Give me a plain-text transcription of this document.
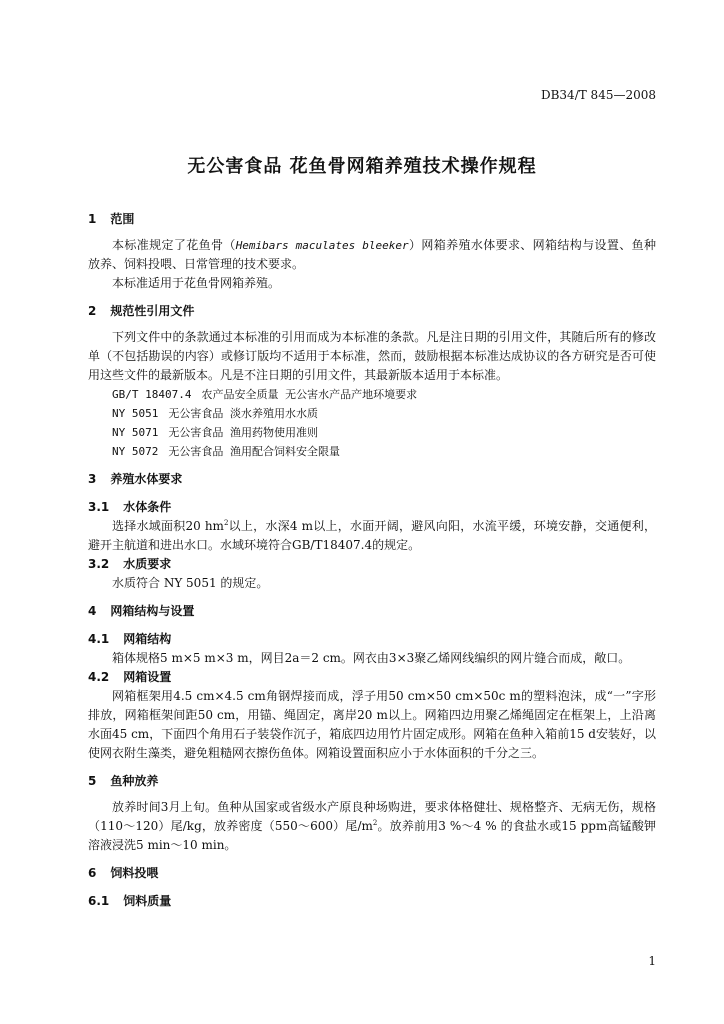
DB34/T 845—2008
无公害食品 花鱼骨网箱养殖技术操作规程
1 范围

本标准规定了花鱼骨（Hemibars maculates bleeker）网箱养殖水体要求、网箱结构与设置、鱼种放养、饲料投喂、日常管理的技术要求。

本标准适用于花鱼骨网箱养殖。

2 规范性引用文件

下列文件中的条款通过本标准的引用而成为本标准的条款。凡是注日期的引用文件，其随后所有的修改单（不包括勘误的内容）或修订版均不适用于本标准，然而，鼓励根据本标准达成协议的各方研究是否可使用这些文件的最新版本。凡是不注日期的引用文件，其最新版本适用于本标准。

GB/T 18407.4 农产品安全质量 无公害水产品产地环境要求

NY 5051 无公害食品 淡水养殖用水水质

NY 5071 无公害食品 渔用药物使用准则

NY 5072 无公害食品 渔用配合饲料安全限量

3 养殖水体要求
3.1 水体条件

选择水域面积20 $hm^2$以上，水深4 m以上，水面开阔，避风向阳，水流平缓，环境安静，交通便利，避开主航道和进出水口。水域环境符合GB/T18407.4的规定。

3.2 水质要求

水质符合 NY 5051 的规定。

4 网箱结构与设置
4.1 网箱结构

箱体规格5 m×5 m×3 m，网目2a＝2 cm。网衣由3×3聚乙烯网线编织的网片缝合而成，敞口。

4.2 网箱设置

网箱框架用4.5 cm×4.5 cm角钢焊接而成，浮子用50 cm×50 cm×50c m的塑料泡沫，成“一”字形排放，网箱框架间距50 cm，用锚、绳固定，离岸20 m以上。网箱四边用聚乙烯绳固定在框架上，上沿离水面45 cm，下面四个角用石子装袋作沉子，箱底四边用竹片固定成形。网箱在鱼种入箱前15 d安装好，以使网衣附生藻类，避免粗糙网衣擦伤鱼体。网箱设置面积应小于水体面积的千分之三。

5 鱼种放养

放养时间3月上旬。鱼种从国家或省级水产原良种场购进，要求体格健壮、规格整齐、无病无伤，规格（110～120）尾/kg，放养密度（550～600）尾$/m^2$。放养前用3 %～4 % 的食盐水或15 ppm高锰酸钾溶液浸洗5 min～10 min。

6 饲料投喂
6.1 饲料质量
1
